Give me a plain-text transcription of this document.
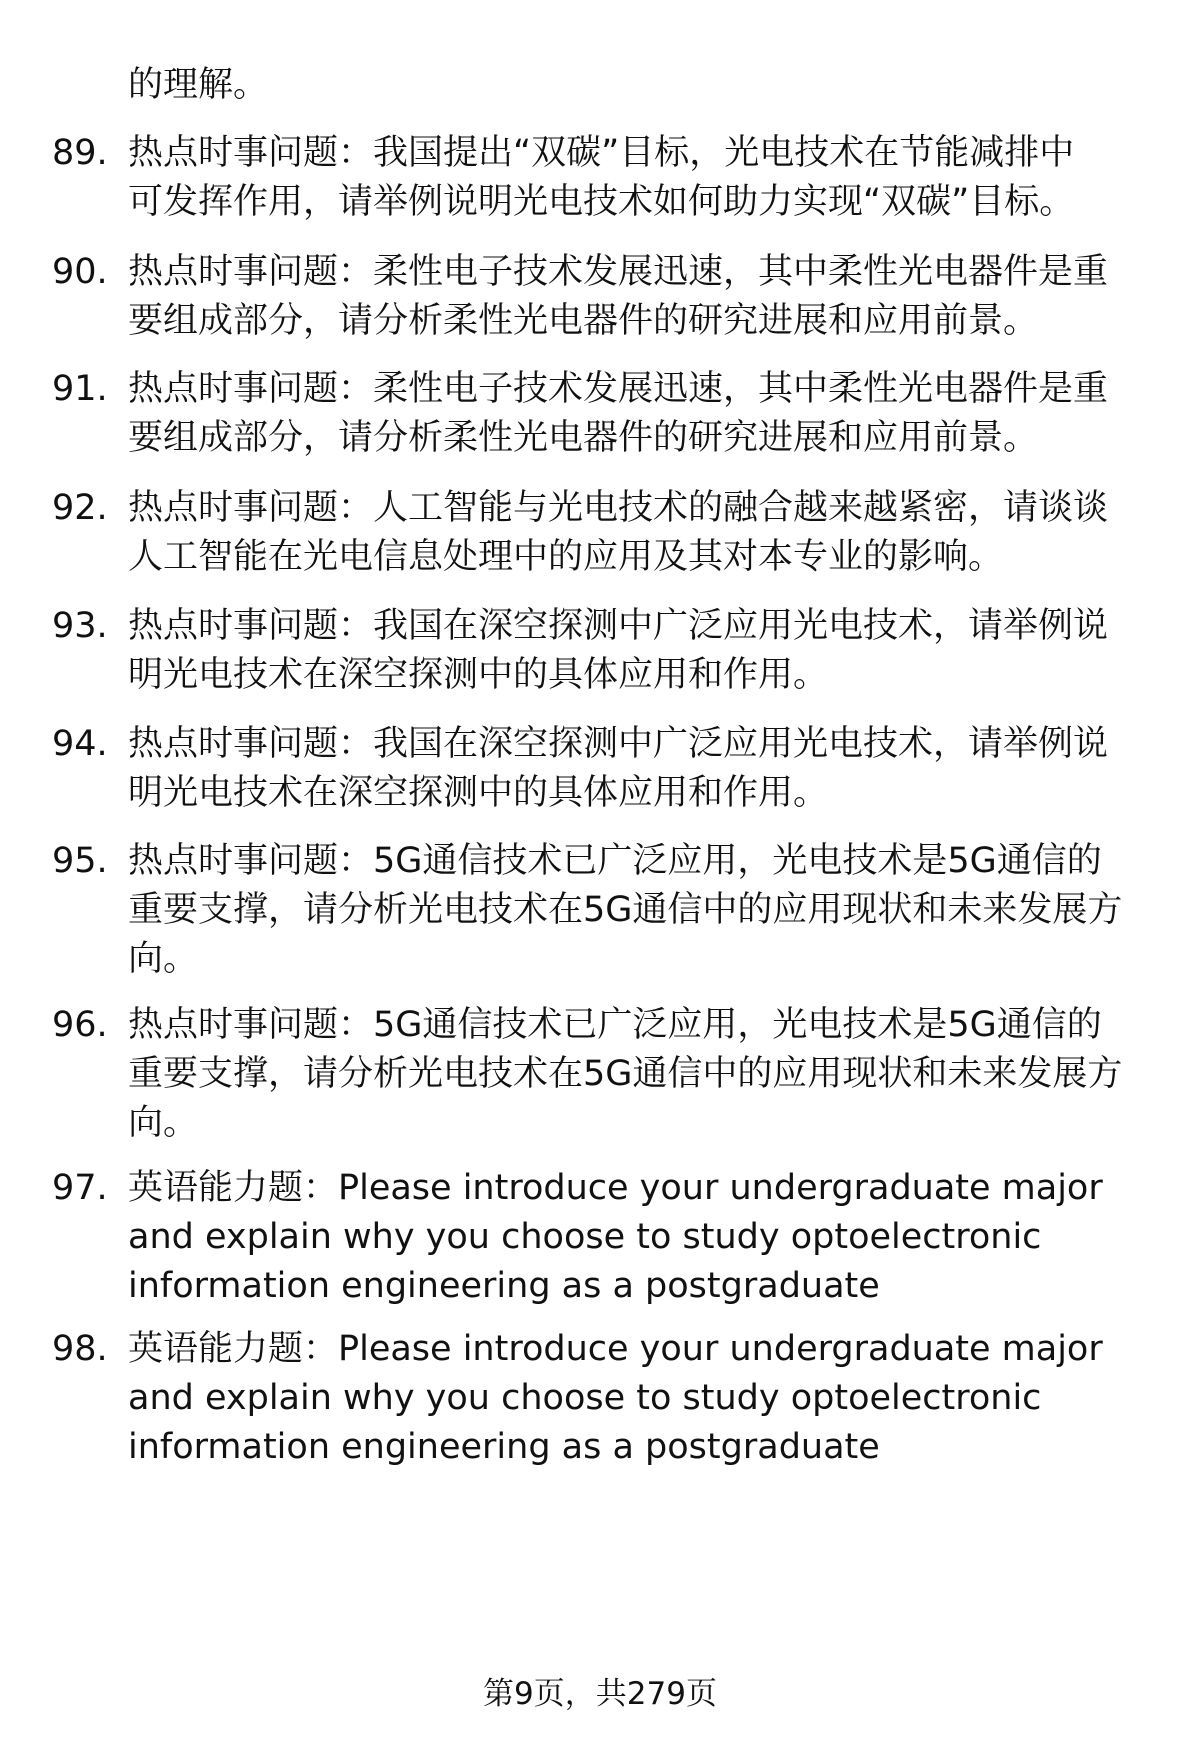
的理解。
89. 热点时事问题：我国提出“双碳”目标，光电技术在节能减排中
可发挥作用，请举例说明光电技术如何助力实现“双碳”目标。
90. 热点时事问题：柔性电子技术发展迅速，其中柔性光电器件是重
要组成部分，请分析柔性光电器件的研究进展和应用前景。
91. 热点时事问题：柔性电子技术发展迅速，其中柔性光电器件是重
要组成部分，请分析柔性光电器件的研究进展和应用前景。
92. 热点时事问题：人工智能与光电技术的融合越来越紧密，请谈谈
人工智能在光电信息处理中的应用及其对本专业的影响。
93. 热点时事问题：我国在深空探测中广泛应用光电技术，请举例说
明光电技术在深空探测中的具体应用和作用。
94. 热点时事问题：我国在深空探测中广泛应用光电技术，请举例说
明光电技术在深空探测中的具体应用和作用。
95. 热点时事问题：5G通信技术已广泛应用，光电技术是5G通信的
重要支撑，请分析光电技术在5G通信中的应用现状和未来发展方
向。
96. 热点时事问题：5G通信技术已广泛应用，光电技术是5G通信的
重要支撑，请分析光电技术在5G通信中的应用现状和未来发展方
向。
97. 英语能力题：Please introduce your undergraduate major
and explain why you choose to study optoelectronic
information engineering as a postgraduate
98. 英语能力题：Please introduce your undergraduate major
and explain why you choose to study optoelectronic
information engineering as a postgraduate
第9页，共279页
